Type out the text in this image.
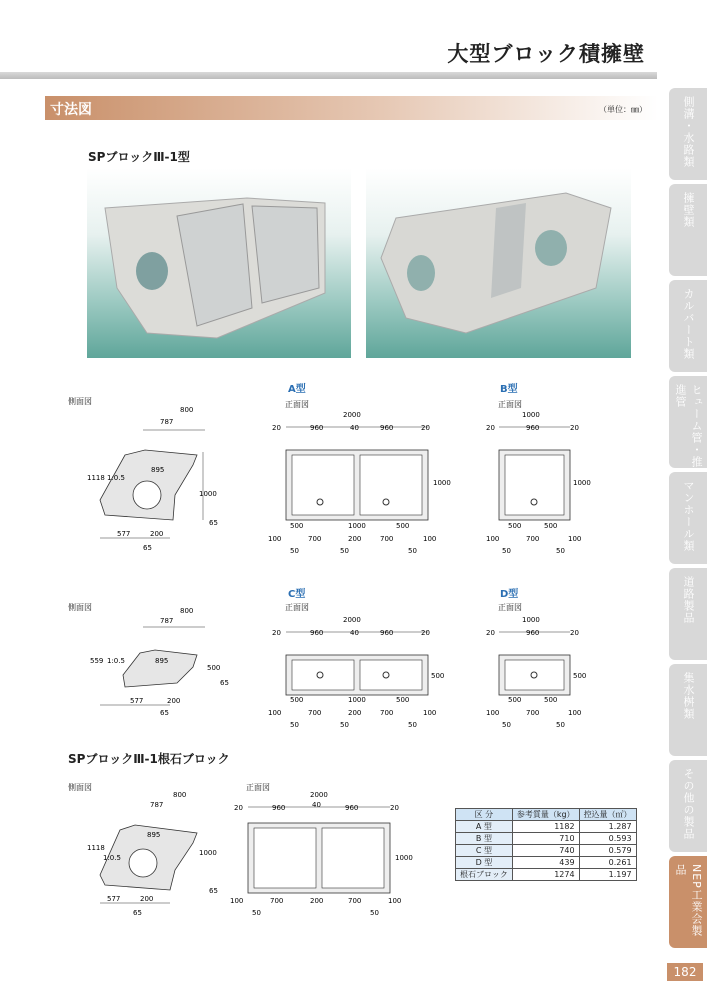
大型ブロック積擁壁
寸法図	（単位：㎜）
SPブロックⅢ-1型
A型	B型
C型	D型
側面図	正面図	正面図
側面図	正面図	正面図
側面図	正面図
800
787
1118 1:0.5
895
1000
65
577	200
65
2000
20	960	40	960	20
1000
500	1000	500
100	700	200	700	100
50	50	50
1000
20	960	20
1000
500	500
100	700	100
50	50
800
787
559 1:0.5	895
500
65
577	200
65
2000
20	960	40	960	20
500
500	1000	500
100	700	200	700	100
50	50	50
1000
20	960	20
500
500	500
100	700	100
50	50
SPブロックⅢ-1根石ブロック
800
787
1118
1:0.5
895
1000
65
577	200
65
2000
20	960	40	960	20
1000
100	700	200	700	100
50	50
区 分	参考質量（kg）	控込量（㎥）
A 型	1182	1.287
B 型	710	0.593
C 型	740	0.579
D 型	439	0.261
根石ブロック	1274	1.197
側溝・水路類
擁壁類
カルバート類
ヒューム管・推進管
マンホール類
道路製品
集水桝類
その他の製品
NEP工業会製品
182
